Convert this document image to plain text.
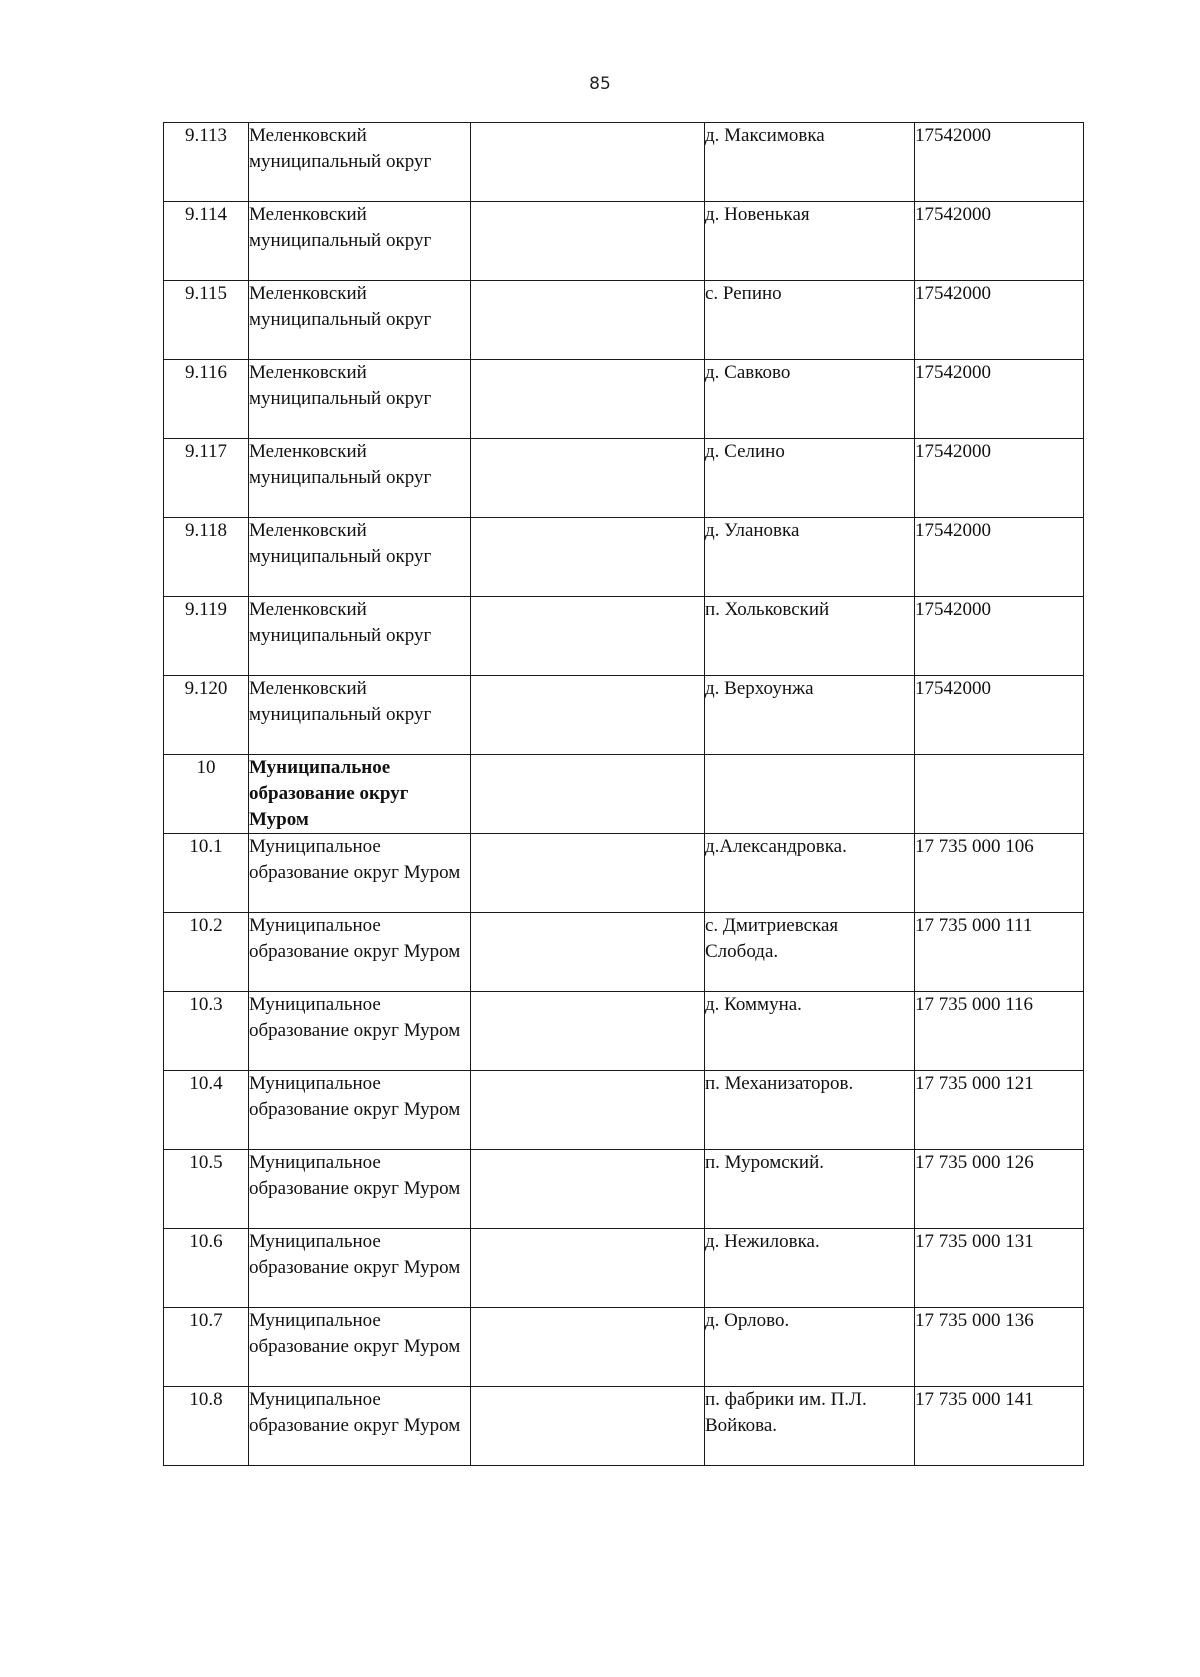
85
9.113	Меленковский муниципальный округ		д. Максимовка	17542000
9.114	Меленковский муниципальный округ		д. Новенькая	17542000
9.115	Меленковский муниципальный округ		с. Репино	17542000
9.116	Меленковский муниципальный округ		д. Савково	17542000
9.117	Меленковский муниципальный округ		д. Селино	17542000
9.118	Меленковский муниципальный округ		д. Улановка	17542000
9.119	Меленковский муниципальный округ		п. Хольковский	17542000
9.120	Меленковский муниципальный округ		д. Верхоунжа	17542000
10	Муниципальное образование округ Муром			
10.1	Муниципальное образование округ Муром		д.Александровка.	17 735 000 106
10.2	Муниципальное образование округ Муром		с. Дмитриевская Слобода.	17 735 000 111
10.3	Муниципальное образование округ Муром		д. Коммуна.	17 735 000 116
10.4	Муниципальное образование округ Муром		п. Механизаторов.	17 735 000 121
10.5	Муниципальное образование округ Муром		п. Муромский.	17 735 000 126
10.6	Муниципальное образование округ Муром		д. Нежиловка.	17 735 000 131
10.7	Муниципальное образование округ Муром		д. Орлово.	17 735 000 136
10.8	Муниципальное образование округ Муром		п. фабрики им. П.Л. Войкова.	17 735 000 141
